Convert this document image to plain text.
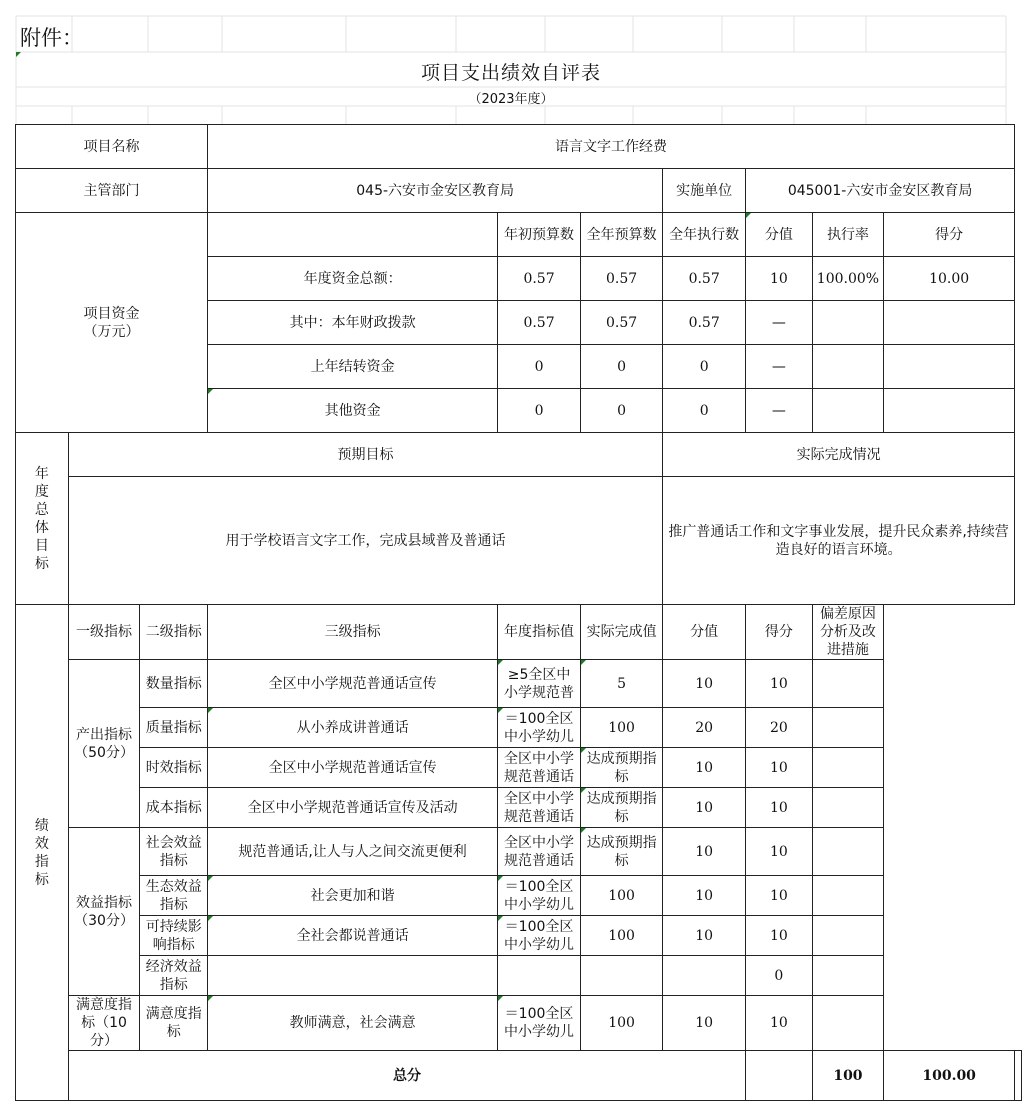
附件：
项目支出绩效自评表
（2023年度）
项目名称			语言文字工作经费							
主管部门			045-六安市金安区教育局			实施单位	045001-六安市金安区教育局			
项目资金
（万元）				年初预算数	全年预算数	全年执行数	分值	执行率	得分	
			年度资金总额：	0.57	0.57	0.57	10	100.00%	10.00	
			其中：本年财政拨款	0.57	0.57	0.57	—			
			上年结转资金	0	0	0	—			
			其他资金	0	0	0	—			

年度总体目标	预期目标					实际完成情况				
	用于学校语言文字工作，完成县域普及普通话					推广普通话工作和文字事业发展，提升民众素养,持续营造良好的语言环境。				

绩效指标	一级指标	二级指标	三级指标	年度指标值	实际完成值	分值	得分	偏差原因分析及改进措施		
	产出指标（50分）	数量指标	全区中小学规范普通话宣传	≥5全区中小学规范普	5	10	10			
		质量指标	从小养成讲普通话	＝100全区中小学幼儿	100	20	20			
		时效指标	全区中小学规范普通话宣传	全区中小学规范普通话	达成预期指标	10	10			
		成本指标	全区中小学规范普通话宣传及活动	全区中小学规范普通话	达成预期指标	10	10			
	效益指标（30分）	社会效益指标	规范普通话,让人与人之间交流更便利	全区中小学规范普通话	达成预期指标	10	10			
		生态效益指标	社会更加和谐	＝100全区中小学幼儿	100	10	10			
		可持续影响指标	全社会都说普通话	＝100全区中小学幼儿	100	10	10			
		经济效益指标					0			
	满意度指标（10分）	满意度指标	教师满意，社会满意	＝100全区中小学幼儿	100	10	10			
	总分							100	100.00	
